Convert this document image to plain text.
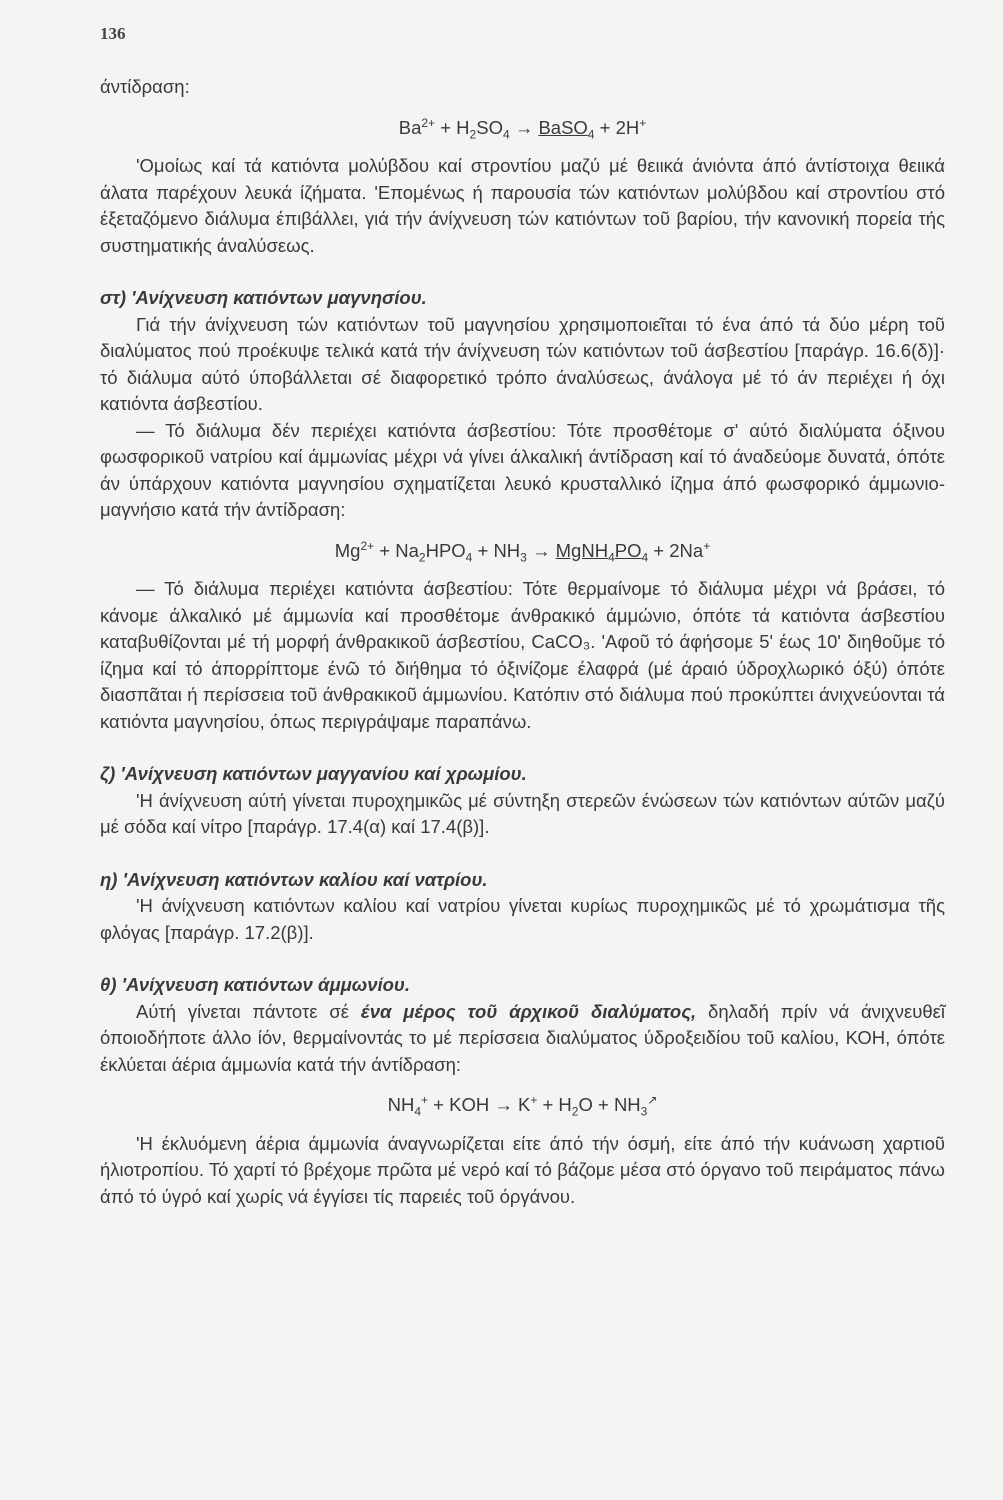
136

άντίδραση:

$Ba^{2+} + H_2SO_4$ → BaSO$_4$ + 2H+

'Ομοίως καί τά κατιόντα μολύβδου καί στροντίου μαζύ μέ θειικά άνιόντα άπό άντίστοιχα θειικά άλατα παρέχουν λευκά ίζήματα. 'Επομένως ή παρουσία τών κατιόντων μολύβδου καί στροντίου στό έξεταζόμενο διάλυμα έπιβάλλει, γιά τήν άνίχνευση τών κατιόντων τοῦ βαρίου, τήν κανονική πορεία τής συστηματικής άναλύσεως.

στ) 'Ανίχνευση κατιόντων μαγνησίου.

Γιά τήν άνίχνευση τών κατιόντων τοῦ μαγνησίου χρησιμοποιεῖται τό ένα άπό τά δύο μέρη τοῦ διαλύματος πού προέκυψε τελικά κατά τήν άνίχνευση τών κατιόντων τοῦ άσβεστίου [παράγρ. 16.6(δ)]· τό διάλυμα αύτό ύποβάλλεται σέ διαφορετικό τρόπο άναλύσεως, άνάλογα μέ τό άν περιέχει ή όχι κατιόντα άσβεστίου.

— Τό διάλυμα δέν περιέχει κατιόντα άσβεστίου: Τότε προσθέτομε σ' αύτό διαλύματα όξινου φωσφορικοῦ νατρίου καί άμμωνίας μέχρι νά γίνει άλκαλική άντίδραση καί τό άναδεύομε δυνατά, όπότε άν ύπάρχουν κατιόντα μαγνησίου σχηματίζεται λευκό κρυσταλλικό ίζημα άπό φωσφορικό άμμωνιο-μαγνήσιο κατά τήν άντίδραση:

$Mg^{2+} + Na_2HPO_4 + NH_3$ → $MgNH_4PO_4 + 2Na^+$

— Τό διάλυμα περιέχει κατιόντα άσβεστίου: Τότε θερμαίνομε τό διάλυμα μέχρι νά βράσει, τό κάνομε άλκαλικό μέ άμμωνία καί προσθέτομε άνθρακικό άμμώνιο, όπότε τά κατιόντα άσβεστίου καταβυθίζονται μέ τή μορφή άνθρακικοῦ άσβεστίου, CaCO₃. 'Αφοῦ τό άφήσομε 5' έως 10' διηθοῦμε τό ίζημα καί τό άπορρίπτομε ένῶ τό διήθημα τό όξινίζομε έλαφρά (μέ άραιό ύδροχλωρικό όξύ) όπότε διασπᾶται ή περίσσεια τοῦ άνθρακικοῦ άμμωνίου. Κατόπιν στό διάλυμα πού προκύπτει άνιχνεύονται τά κατιόντα μαγνησίου, όπως περιγράψαμε παραπάνω.

ζ) 'Ανίχνευση κατιόντων μαγγανίου καί χρωμίου.

'Η άνίχνευση αύτή γίνεται πυροχημικῶς μέ σύντηξη στερεῶν ένώσεων τών κατιόντων αύτῶν μαζύ μέ σόδα καί νίτρο [παράγρ. 17.4(α) καί 17.4(β)].

η) 'Ανίχνευση κατιόντων καλίου καί νατρίου.

'Η άνίχνευση κατιόντων καλίου καί νατρίου γίνεται κυρίως πυροχημικῶς μέ τό χρωμάτισμα τῆς φλόγας [παράγρ. 17.2(β)].

θ) 'Ανίχνευση κατιόντων άμμωνίου.

Αύτή γίνεται πάντοτε σέ ένα μέρος τοῦ άρχικοῦ διαλύματος, δηλαδή πρίν νά άνιχνευθεῖ όποιοδήποτε άλλο ίόν, θερμαίνοντάς το μέ περίσσεια διαλύματος ύδροξειδίου τοῦ καλίου, ΚΟΗ, όπότε έκλύεται άέρια άμμωνία κατά τήν άντίδραση:

$NH_4^+$ + KOH → $K^+ + H_2O + NH_3^↗$

'Η έκλυόμενη άέρια άμμωνία άναγνωρίζεται είτε άπό τήν όσμή, είτε άπό τήν κυάνωση χαρτιοῦ ήλιοτροπίου. Τό χαρτί τό βρέχομε πρῶτα μέ νερό καί τό βάζομε μέσα στό όργανο τοῦ πειράματος πάνω άπό τό ύγρό καί χωρίς νά έγγίσει τίς παρειές τοῦ όργάνου.
